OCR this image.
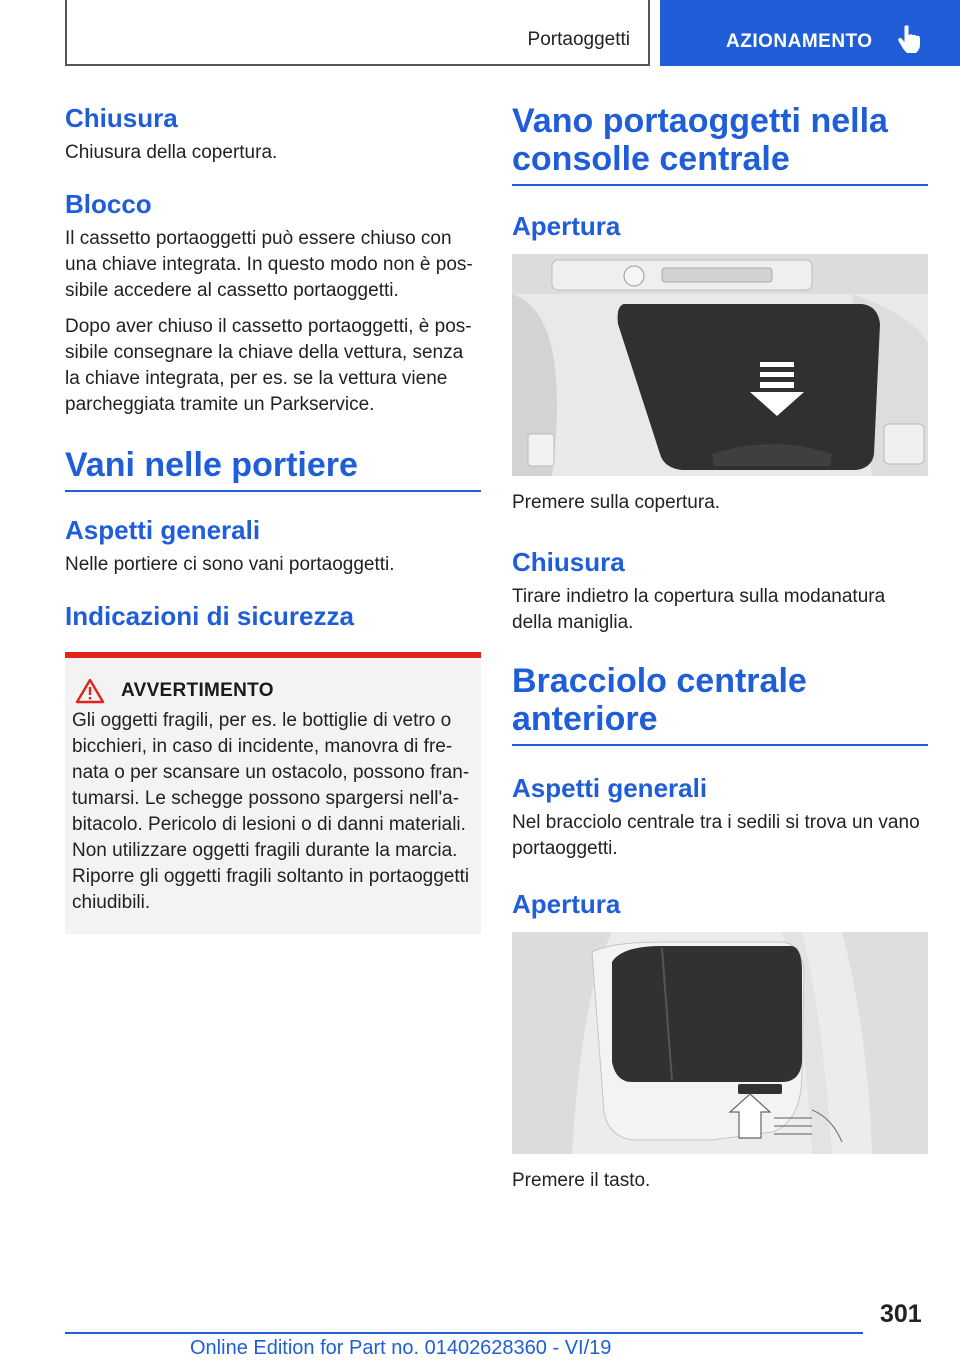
Portaoggetti	AZIONAMENTO
Chiusura
Chiusura della copertura.
Blocco
Il cassetto portaoggetti può essere chiuso con una chiave integrata. In questo modo non è possibile accedere al cassetto portaoggetti.
Dopo aver chiuso il cassetto portaoggetti, è possibile consegnare la chiave della vettura, senza la chiave integrata, per es. se la vettura viene parcheggiata tramite un Parkservice.
Vani nelle portiere
Aspetti generali
Nelle portiere ci sono vani portaoggetti.
Indicazioni di sicurezza
AVVERTIMENTO
Gli oggetti fragili, per es. le bottiglie di vetro o bicchieri, in caso di incidente, manovra di frenata o per scansare un ostacolo, possono frantumarsi. Le schegge possono spargersi nell'abitacolo. Pericolo di lesioni o di danni materiali. Non utilizzare oggetti fragili durante la marcia. Riporre gli oggetti fragili soltanto in portaoggetti chiudibili.
Vano portaoggetti nella
consolle centrale
Apertura
Premere sulla copertura.
Chiusura
Tirare indietro la copertura sulla modanatura della maniglia.
Bracciolo centrale
anteriore
Aspetti generali
Nel bracciolo centrale tra i sedili si trova un vano portaoggetti.
Apertura
Premere il tasto.
301
Online Edition for Part no. 01402628360 - VI/19
